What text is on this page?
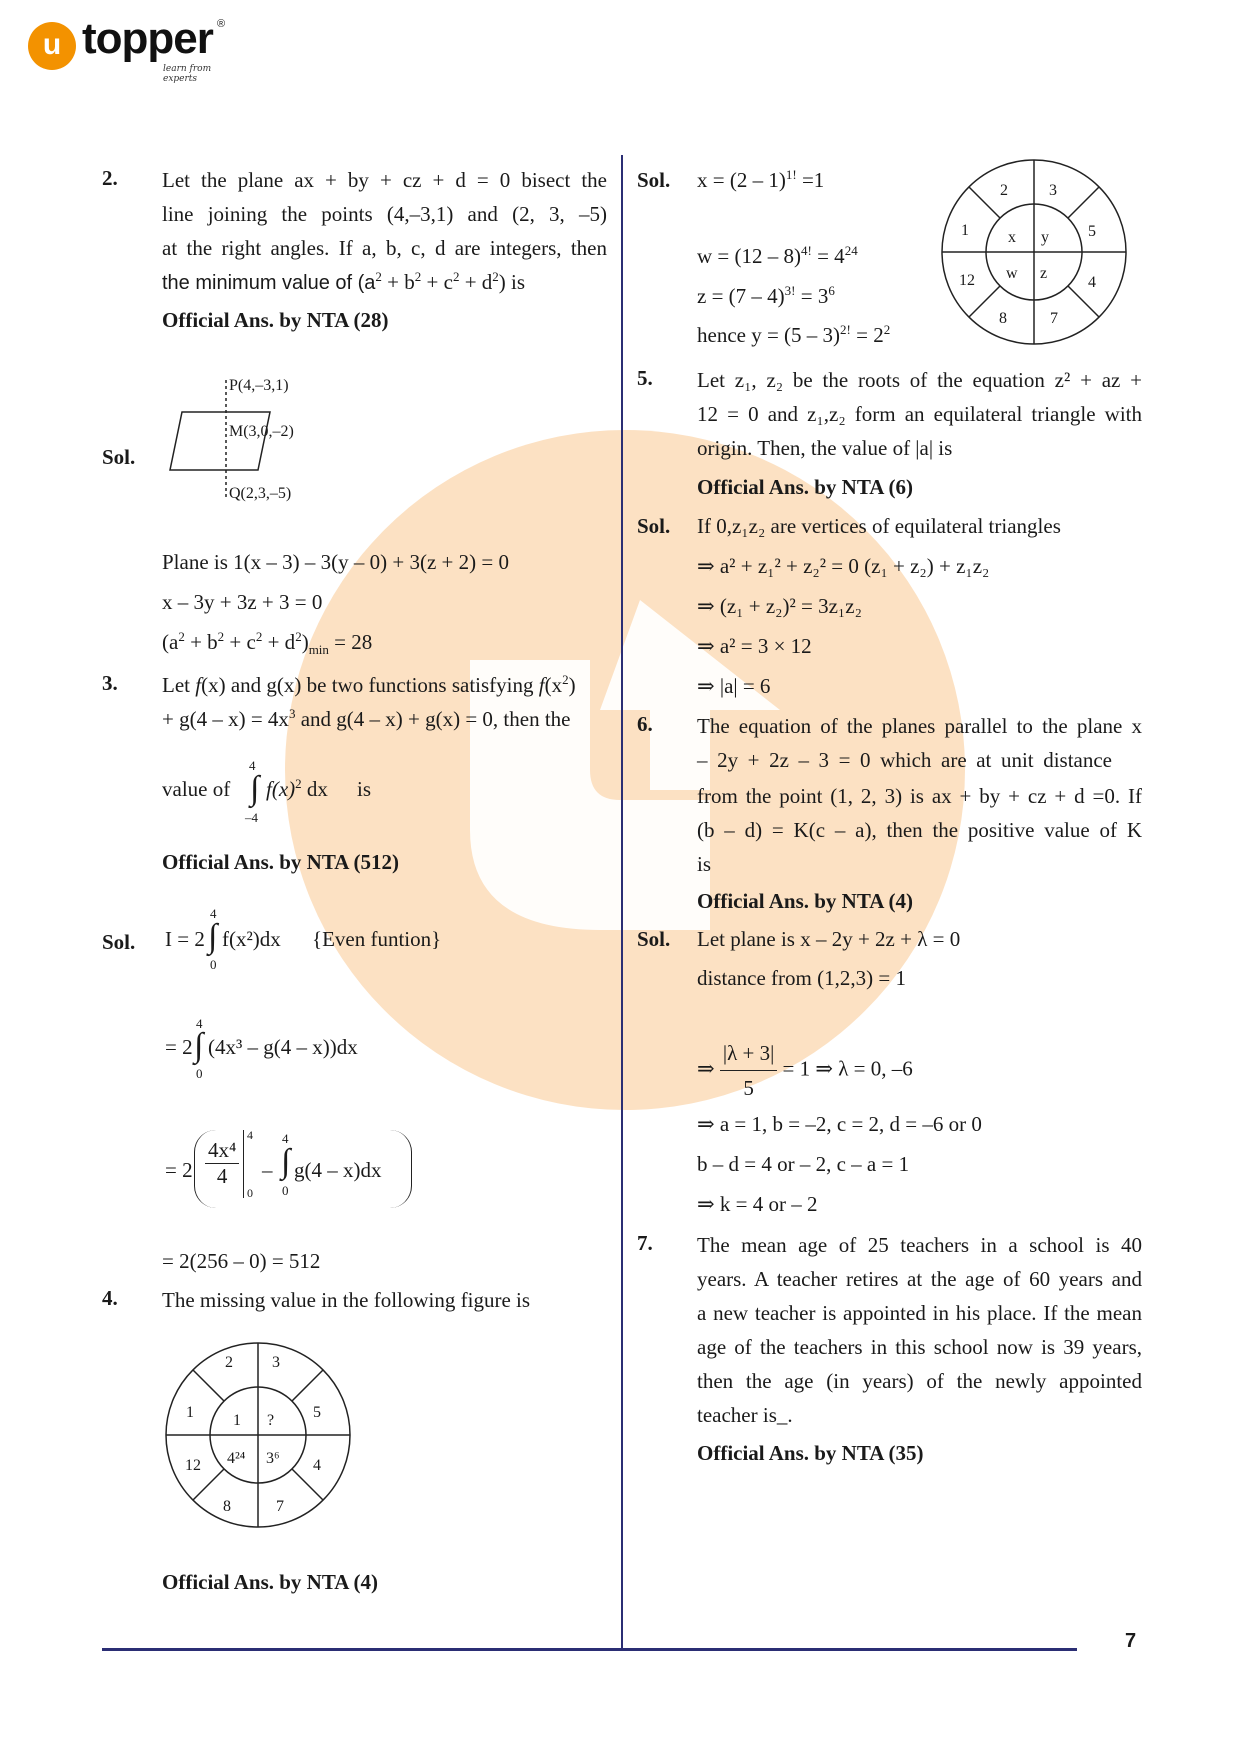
u topper ®
learn from experts
7
2. Let the plane ax + by + cz + d = 0 bisect the
line joining the points (4,–3,1) and (2, 3, –5)
at the right angles. If a, b, c, d are integers, then
the minimum value of $(a^2 + b^2 + c^2 + d^2)$ is
Official Ans. by NTA (28)
Sol.
P(4,–3,1)
M(3,0,–2)
Q(2,3,–5)
Plane is 1(x – 3) – 3(y – 0) + 3(z + 2) = 0
x – 3y + 3z + 3 = 0
$(a^2 + b^2 + c^2 + d^2)_{min} = 28$
3. Let f(x) and g(x) be two functions satisfying $f(x^2)$
+ $g(4 - x) = 4x^3$ and g(4 – x) + g(x) = 0, then the
value of
4
∫
–4
$f(x)^2$ dx is
Official Ans. by NTA (512)
Sol. I = 2
4
∫
0
f(x²)dx {Even funtion}
= 2
4
∫
0
(4x³ – g(4 – x))dx
= $2 \frac{\text{4x⁴}}{4}$
4
0
–
4
∫
0
g(4 – x)dx
= 2(256 – 0) = 512
4. The missing value in the following figure is
2 3
5
4
7
8
12
1 1 ?
4²⁴ 3⁶
Official Ans. by NTA (4)
Sol. x = (2 – 1)$^{1!}$ =1
$w = (12 - 8)^{4!} = 4^{24}$
$z = (7 - 4)^{3!} = 3^6$
hence $y = (5 - 3)^{2!} = 2^2$
2	3
5
4
7
8
12
1 x y
w z
5. Let z₁, z₂ be the roots of the equation z² + az +
12 = 0 and z₁,z₂ form an equilateral triangle with
origin. Then, the value of |a| is
Official Ans. by NTA (6)
Sol. If 0,z₁z₂ are vertices of equilateral triangles
⇒ a² + z₁² + z₂² = 0 (z₁ + z₂) + z₁z₂
⇒ (z₁ + z₂)² = 3z₁z₂
⇒ a² = 3 × 12
⇒ |a| = 6
6. The equation of the planes parallel to the plane x
– 2y + 2z – 3 = 0 which are at unit distance
from the point (1, 2, 3) is ax + by + cz + d =0. If
(b – d) = K(c – a), then the positive value of K
is
Official Ans. by NTA (4)
Sol. Let plane is x – 2y + 2z + λ = 0
distance from (1,2,3) = 1
⇒ $\frac{|\lambda + 3|}{5} = 1$ ⇒ λ = 0, –6
⇒ a = 1, b = –2, c = 2, d = –6 or 0
b – d = 4 or – 2, c – a = 1
⇒ k = 4 or – 2
7. The mean age of 25 teachers in a school is 40
years. A teacher retires at the age of 60 years and
a new teacher is appointed in his place. If the mean
age of the teachers in this school now is 39 years,
then the age (in years) of the newly appointed
teacher is_.
Official Ans. by NTA (35)
